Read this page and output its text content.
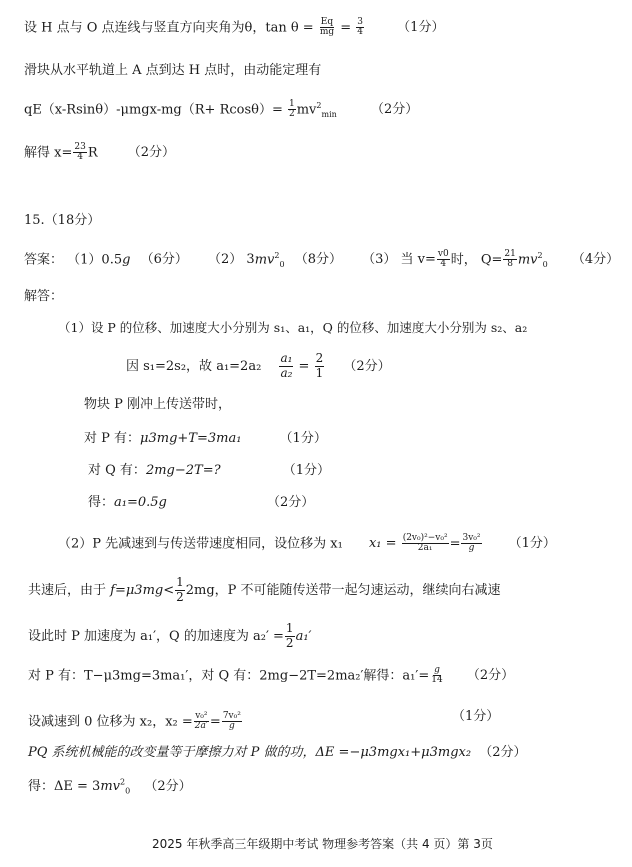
设 H 点与 O 点连线与竖直方向夹角为θ，$\tan \theta = \frac{Eq}{mg} = \frac{3}{4}$	（1分）
滑块从水平轨道上 A 点到达 H 点时，由动能定理有
$qE(x-Rsin\theta)-\mu mgx-mg(R+ Rcos\theta)= \frac{1}{2} mv^2_{min}$	（2分）
解得 $x= \frac{23}{4}$ R （2分）
15.（18分）
答案： （1）0.5g （6分） （2） $3mv^2_0$ （8分） （3） 当 $v= \frac{v0}{4}$ 时， $Q= \frac{21}{8} mv^2_0$ （4分）
解答：
（1）设 P 的位移、加速度大小分别为 s₁、a₁，Q 的位移、加速度大小分别为 s₂、a₂
因 s₁=2s₂，故 $a_1=2a_2 \frac{\text{a₁}}{\text{a₂}} = \frac{2}{1} (2$分）
物块 P 刚冲上传送带时，
对 P 有：μ3mg+T=3ma₁	（1分）
对 Q 有：2mg−2T=?	（1分）
得：a₁=0.5g	（2分）
（2）P 先减速到与传送带速度相同，设位移为 x₁ $x_1 = \frac{\text{(2v₀)²−v₀²}}{\text{2a₁}} = \frac{\text{3v₀²}}{g} (1$分）
共速后，由于 $f=\mu 3mg< \frac{1}{2} 2mg$，P 不可能随传送带一起匀速运动，继续向右减速
设此时 P 加速度为 a₁′，Q 的加速度为 $a_2' = \frac{1}{2} a_1'$
对 P 有：T−μ3mg=3ma₁′，对 Q 有：2mg−2T=2ma₂′解得：$a_1'= \frac{g}{14} (2$分）
设减速到 0 位移为 x₂，$x_2 = \frac{\text{v₀²}}{2a'} = \frac{\text{7v₀²}}{g}$	（1分）
PQ 系统机械能的改变量等于摩擦力对 P 做的功，ΔE =−μ3mgx₁+μ3mgx₂ （2分）
得：$\Delta E = 3mv^2_0$ （2分）
2025 年秋季高三年级期中考试 物理参考答案（共 4 页）第 3页
